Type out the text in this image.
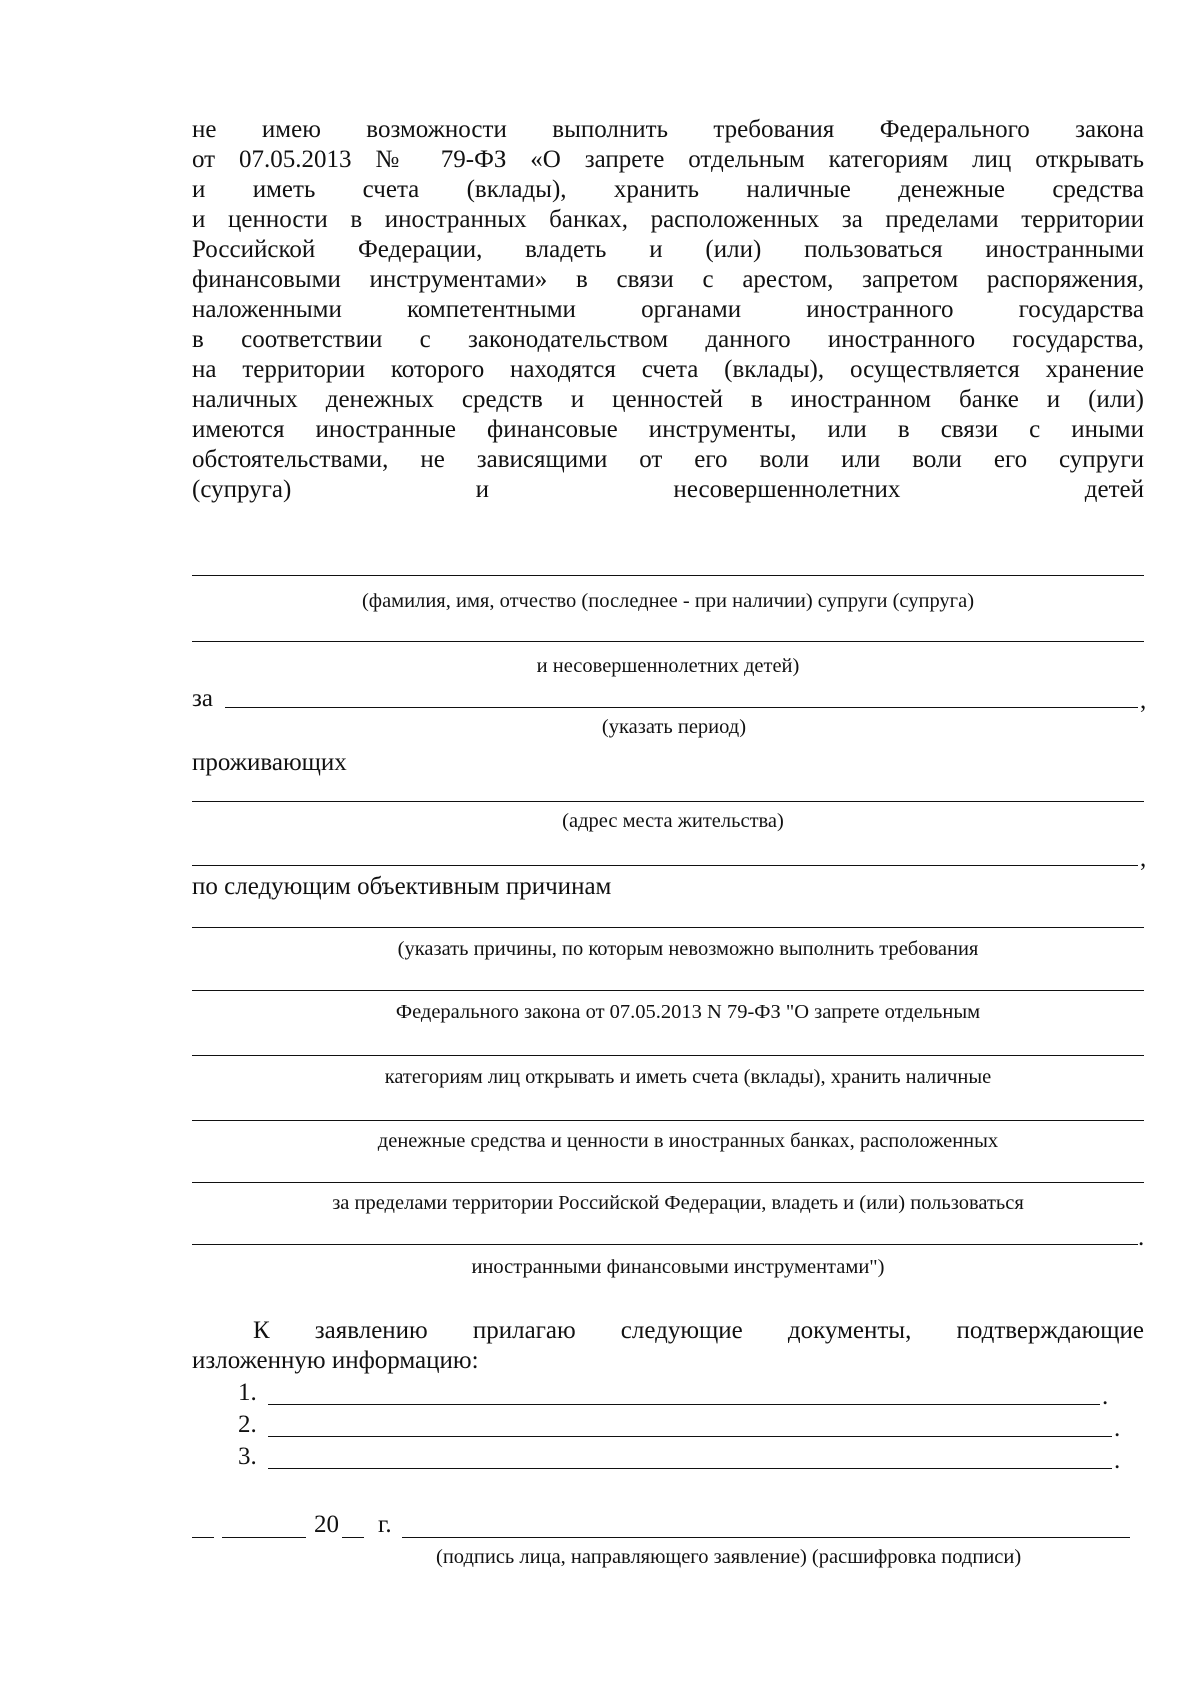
не имею возможности выполнить требования Федерального закона
от 07.05.2013 № 79-ФЗ «О запрете отдельным категориям лиц открывать
и иметь счета (вклады), хранить наличные денежные средства
и ценности в иностранных банках, расположенных за пределами территории
Российской Федерации, владеть и (или) пользоваться иностранными
финансовыми инструментами» в связи с арестом, запретом распоряжения,
наложенными компетентными органами иностранного государства
в соответствии с законодательством данного иностранного государства,
на территории которого находятся счета (вклады), осуществляется хранение
наличных денежных средств и ценностей в иностранном банке и (или)
имеются иностранные финансовые инструменты, или в связи с иными
обстоятельствами, не зависящими от его воли или воли его супруги
(супруга) и несовершеннолетних детей
(фамилия, имя, отчество (последнее - при наличии) супруги (супруга)
и несовершеннолетних детей)
за	,
(указать период)
проживающих
(адрес места жительства)
,
по следующим объективным причинам
(указать причины, по которым невозможно выполнить требования
Федерального закона от 07.05.2013 N 79-ФЗ "О запрете отдельным
категориям лиц открывать и иметь счета (вклады), хранить наличные
денежные средства и ценности в иностранных банках, расположенных
за пределами территории Российской Федерации, владеть и (или) пользоваться
.
иностранными финансовыми инструментами")
К заявлению прилагаю следующие документы, подтверждающие
изложенную информацию:
1.	.
2.	.
3.	.
20 г.
(подпись лица, направляющего заявление) (расшифровка подписи)
